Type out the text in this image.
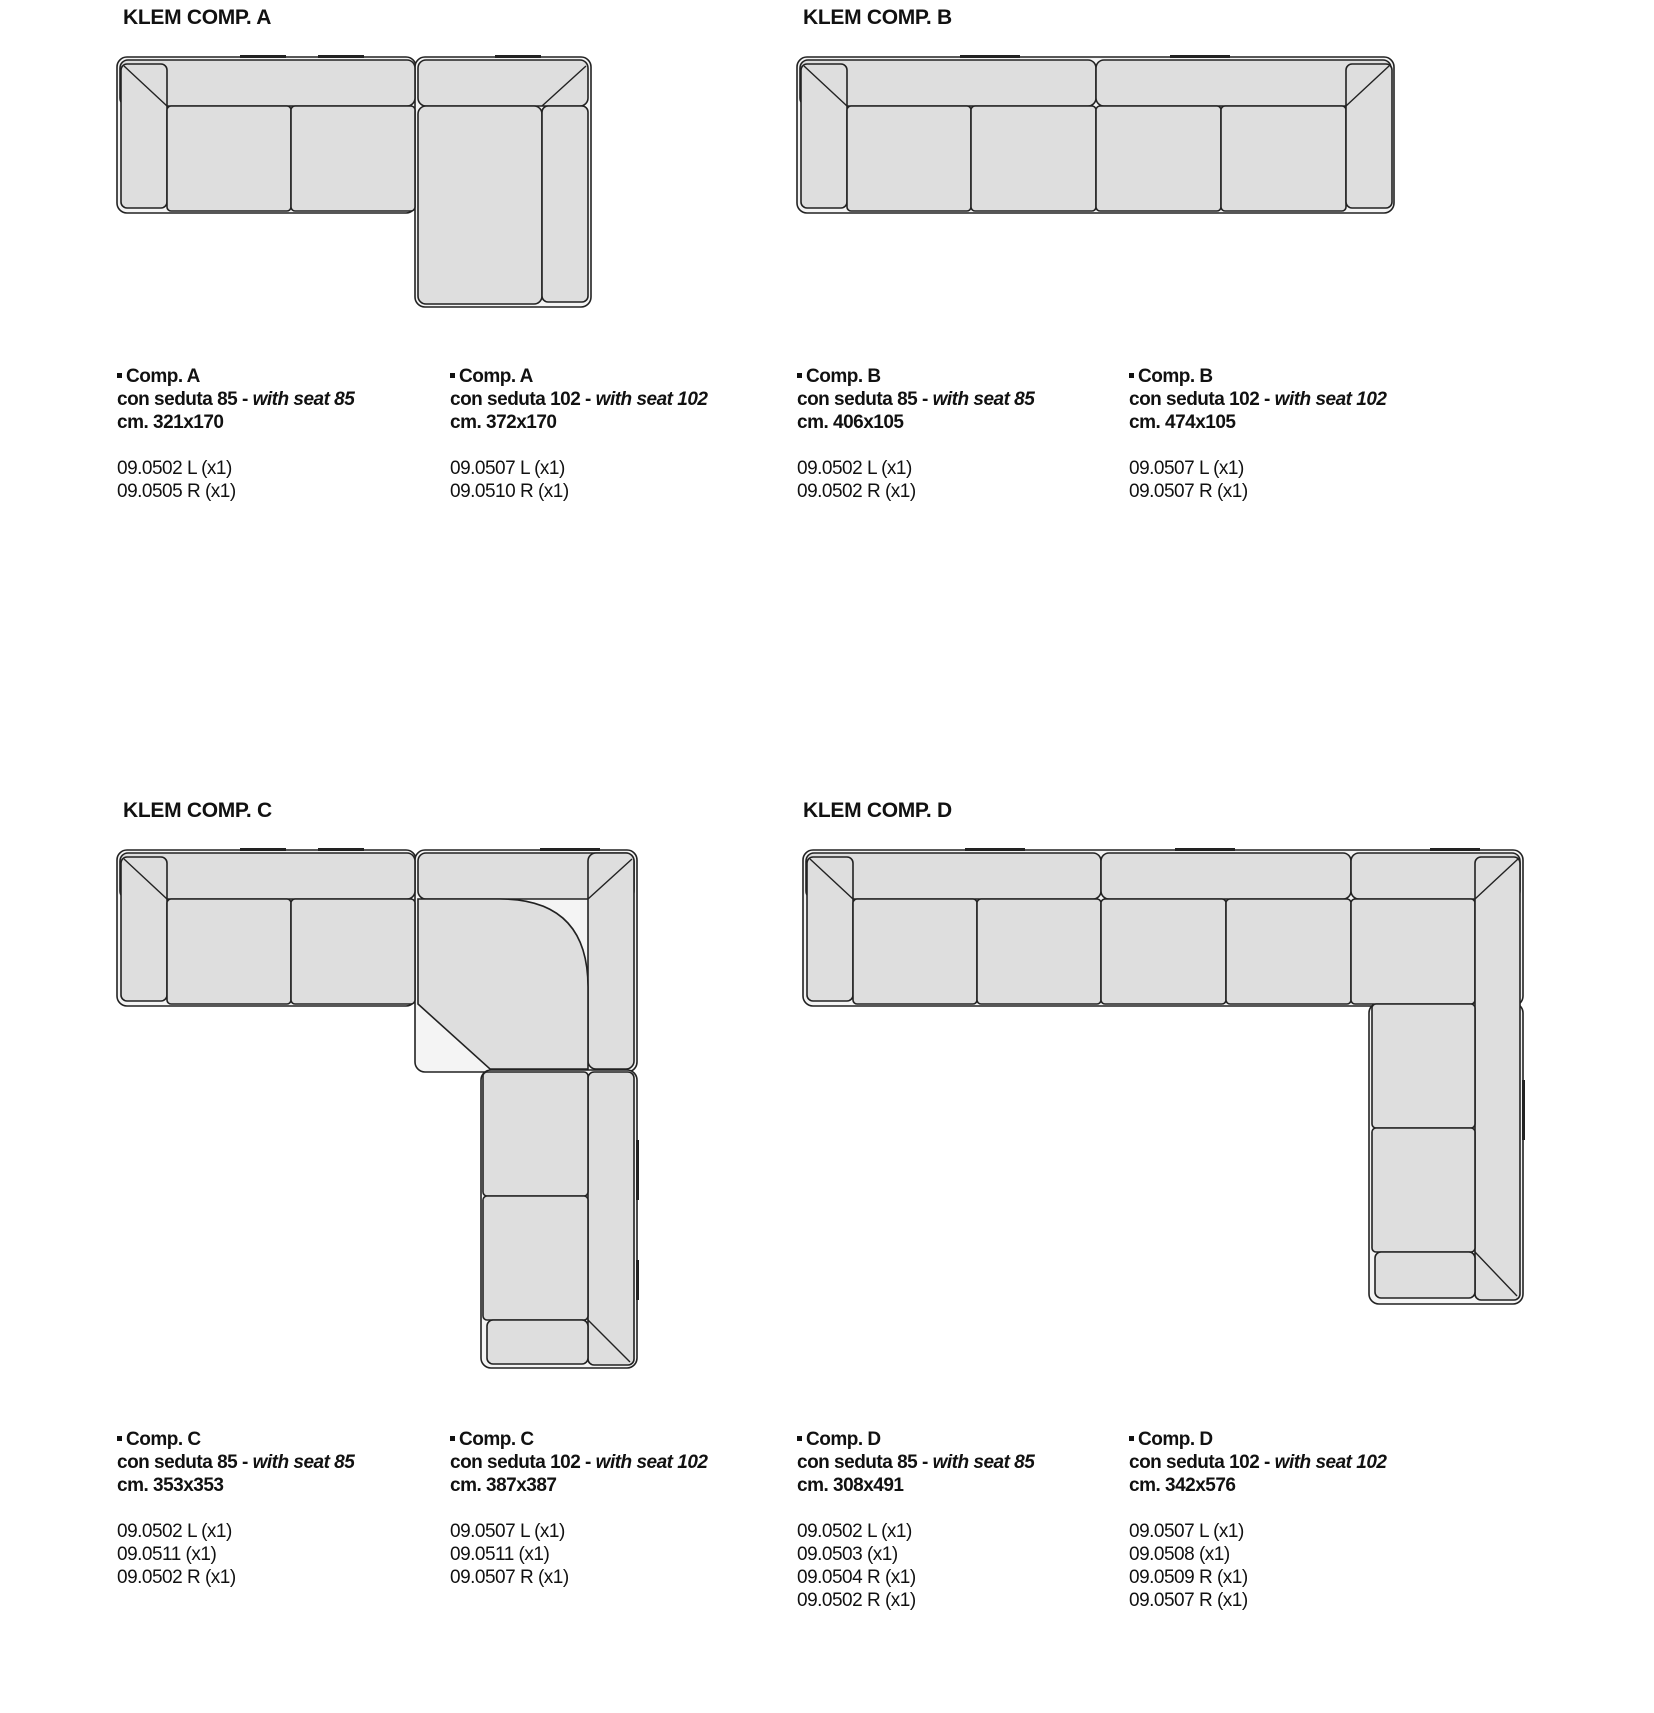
KLEM COMP. A	KLEM COMP. B
KLEM COMP. C	KLEM COMP. D
Comp. A
con seduta 85 - with seat 85
cm. 321x170
09.0502 L (x1)
09.0505 R (x1)
Comp. A
con seduta 102 - with seat 102
cm. 372x170
09.0507 L (x1)
09.0510 R (x1)
Comp. B
con seduta 85 - with seat 85
cm. 406x105
09.0502 L (x1)
09.0502 R (x1)
Comp. B
con seduta 102 - with seat 102
cm. 474x105
09.0507 L (x1)
09.0507 R (x1)
Comp. C
con seduta 85 - with seat 85
cm. 353x353
09.0502 L (x1)
09.0511 (x1)
09.0502 R (x1)
Comp. C
con seduta 102 - with seat 102
cm. 387x387
09.0507 L (x1)
09.0511 (x1)
09.0507 R (x1)
Comp. D
con seduta 85 - with seat 85
cm. 308x491
09.0502 L (x1)
09.0503 (x1)
09.0504 R (x1)
09.0502 R (x1)
Comp. D
con seduta 102 - with seat 102
cm. 342x576
09.0507 L (x1)
09.0508 (x1)
09.0509 R (x1)
09.0507 R (x1)
